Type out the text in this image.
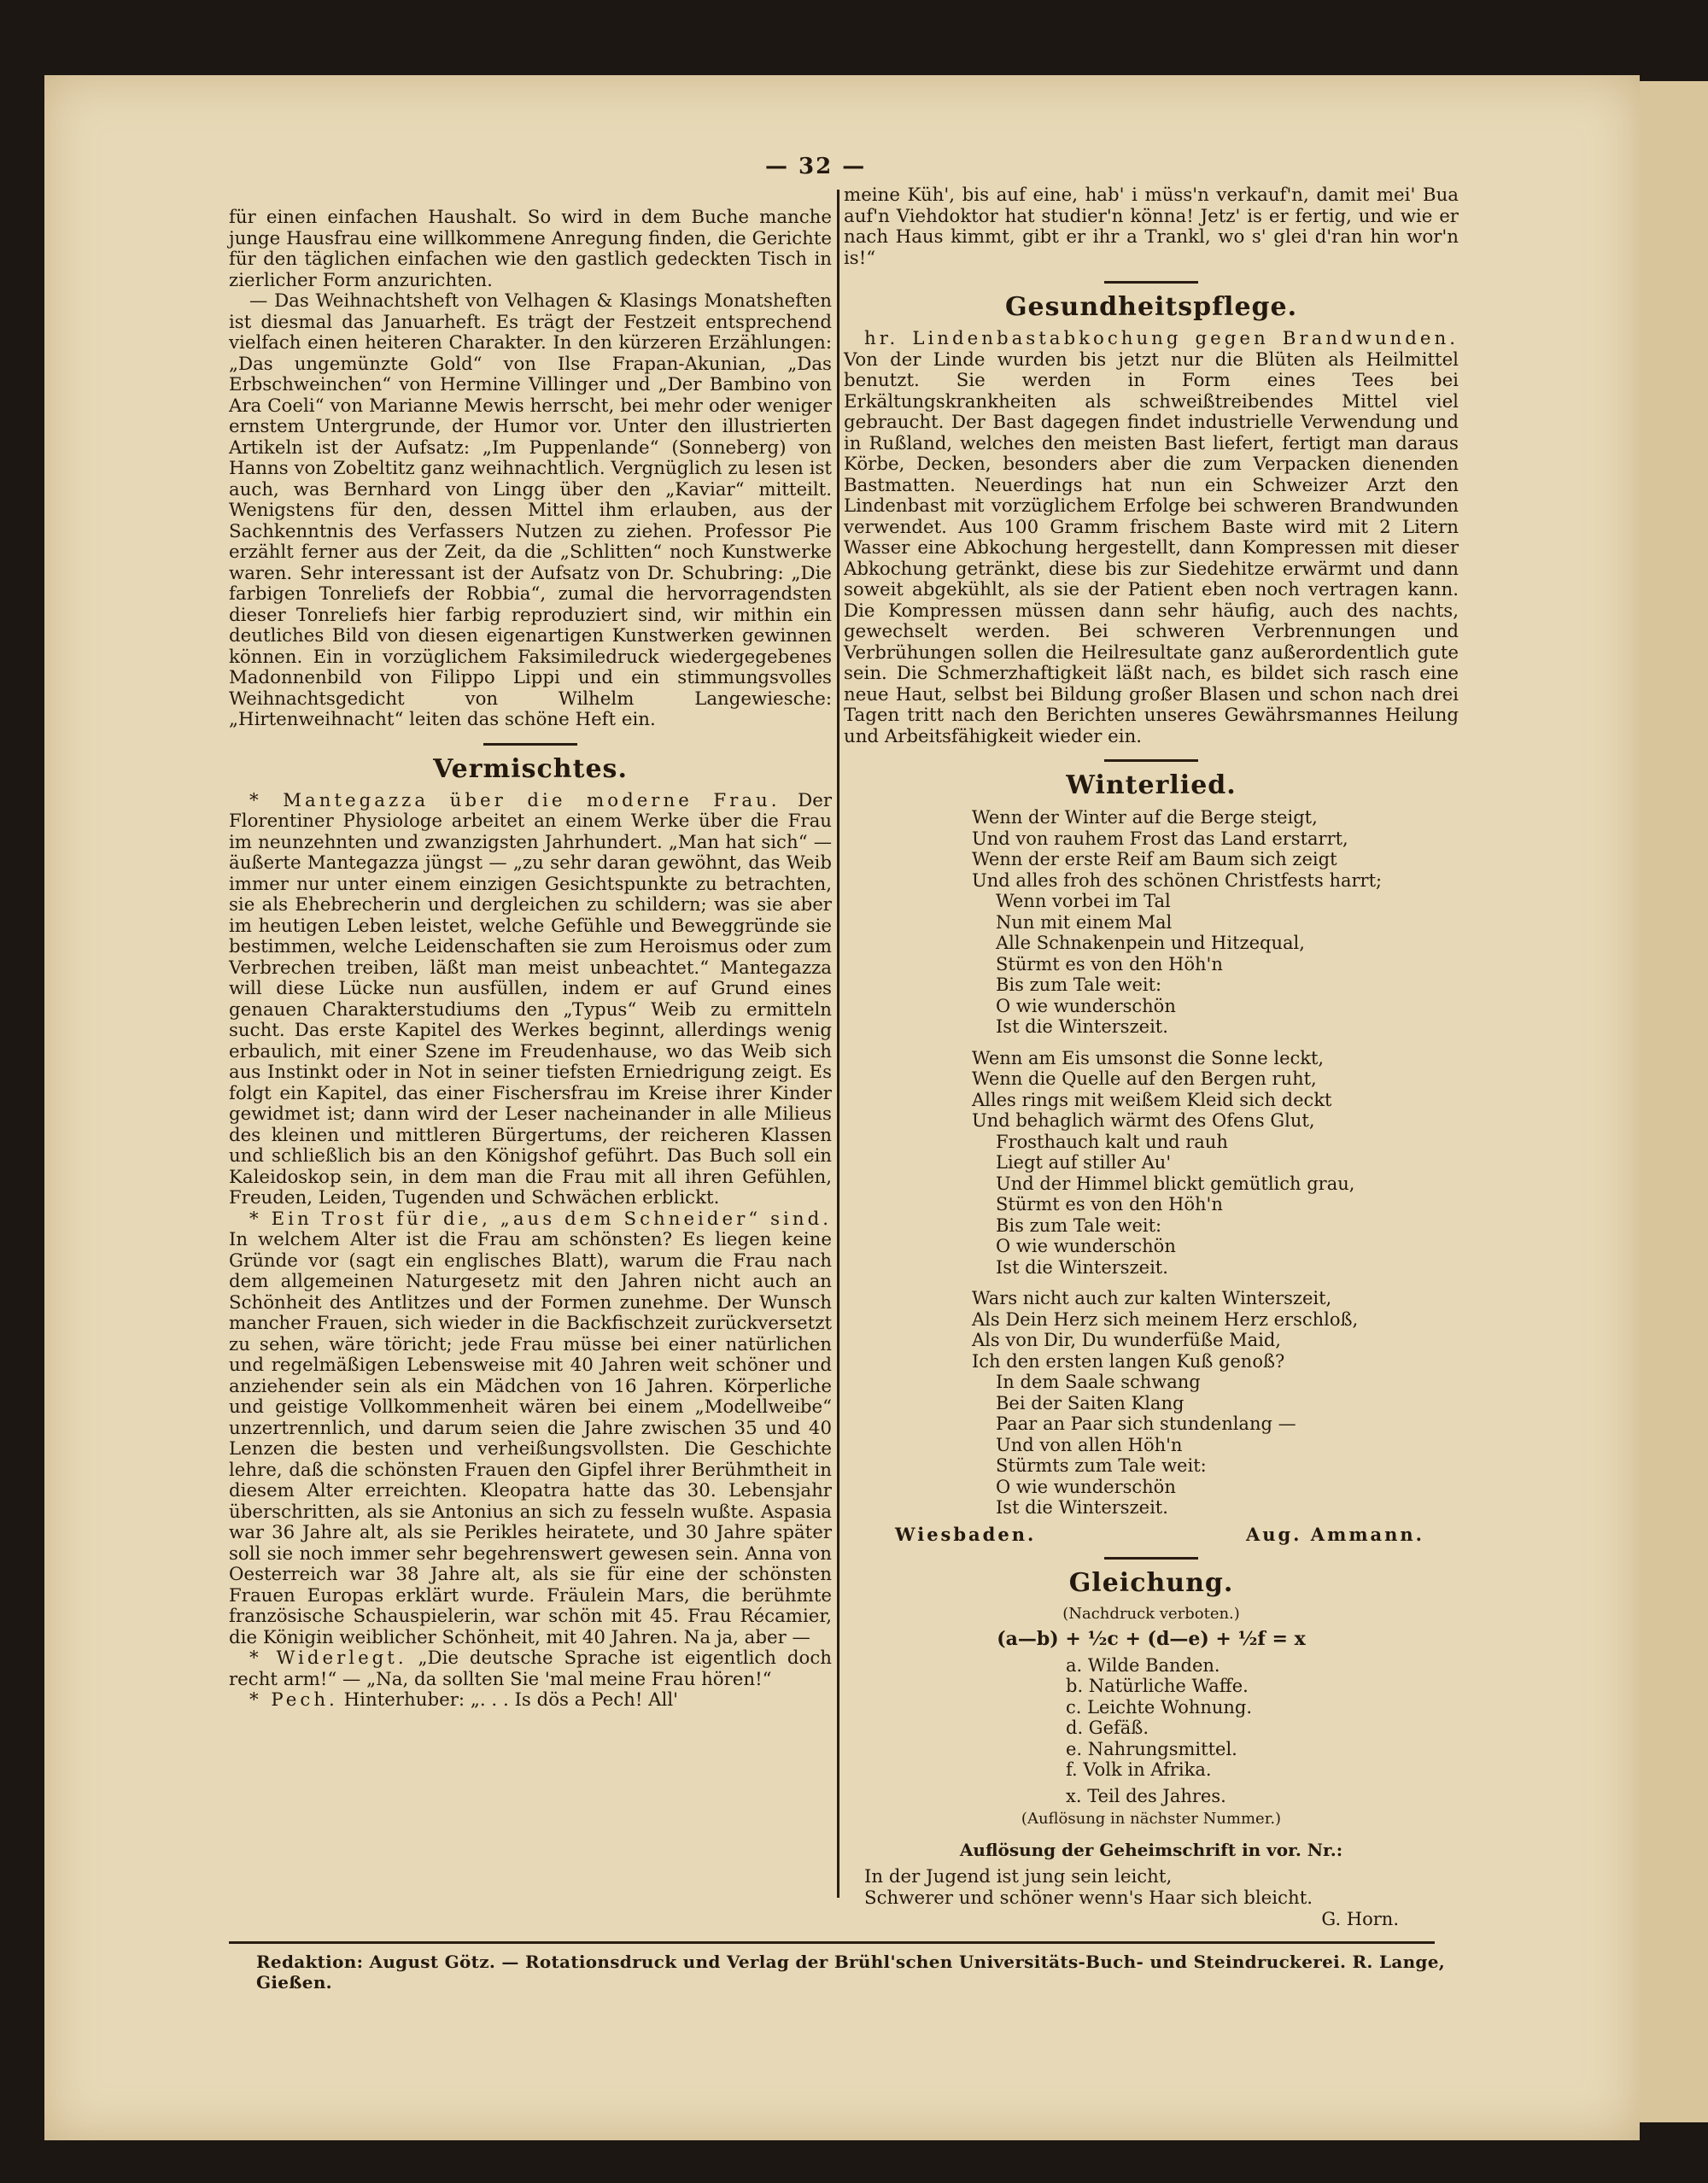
— 32 —

für einen einfachen Haushalt. So wird in dem Buche manche junge Hausfrau eine willkommene Anregung finden, die Gerichte für den täglichen einfachen wie den gastlich gedeckten Tisch in zierlicher Form anzurichten.

— Das Weihnachtsheft von Velhagen & Klasings Monatsheften ist diesmal das Januarheft. Es trägt der Festzeit entsprechend vielfach einen heiteren Charakter. In den kürzeren Erzählungen: „Das ungemünzte Gold“ von Ilse Frapan-Akunian, „Das Erbschweinchen“ von Hermine Villinger und „Der Bambino von Ara Coeli“ von Marianne Mewis herrscht, bei mehr oder weniger ernstem Untergrunde, der Humor vor. Unter den illustrierten Artikeln ist der Aufsatz: „Im Puppenlande“ (Sonneberg) von Hanns von Zobeltitz ganz weihnachtlich. Vergnüglich zu lesen ist auch, was Bernhard von Lingg über den „Kaviar“ mitteilt. Wenigstens für den, dessen Mittel ihm erlauben, aus der Sachkenntnis des Verfassers Nutzen zu ziehen. Professor Pie erzählt ferner aus der Zeit, da die „Schlitten“ noch Kunstwerke waren. Sehr interessant ist der Aufsatz von Dr. Schubring: „Die farbigen Tonreliefs der Robbia“, zumal die hervorragendsten dieser Tonreliefs hier farbig reproduziert sind, wir mithin ein deutliches Bild von diesen eigenartigen Kunstwerken gewinnen können. Ein in vorzüglichem Faksimiledruck wiedergegebenes Madonnenbild von Filippo Lippi und ein stimmungsvolles Weihnachtsgedicht von Wilhelm Langewiesche: „Hirtenweihnacht“ leiten das schöne Heft ein.

Vermischtes.

* Mantegazza über die moderne Frau. Der Florentiner Physiologe arbeitet an einem Werke über die Frau im neunzehnten und zwanzigsten Jahrhundert. „Man hat sich“ — äußerte Mantegazza jüngst — „zu sehr daran gewöhnt, das Weib immer nur unter einem einzigen Gesichtspunkte zu betrachten, sie als Ehebrecherin und dergleichen zu schildern; was sie aber im heutigen Leben leistet, welche Gefühle und Beweggründe sie bestimmen, welche Leidenschaften sie zum Heroismus oder zum Verbrechen treiben, läßt man meist unbeachtet.“ Mantegazza will diese Lücke nun ausfüllen, indem er auf Grund eines genauen Charakterstudiums den „Typus“ Weib zu ermitteln sucht. Das erste Kapitel des Werkes beginnt, allerdings wenig erbaulich, mit einer Szene im Freudenhause, wo das Weib sich aus Instinkt oder in Not in seiner tiefsten Erniedrigung zeigt. Es folgt ein Kapitel, das einer Fischersfrau im Kreise ihrer Kinder gewidmet ist; dann wird der Leser nacheinander in alle Milieus des kleinen und mittleren Bürgertums, der reicheren Klassen und schließlich bis an den Königshof geführt. Das Buch soll ein Kaleidoskop sein, in dem man die Frau mit all ihren Gefühlen, Freuden, Leiden, Tugenden und Schwächen erblickt.

* Ein Trost für die, „aus dem Schneider“ sind. In welchem Alter ist die Frau am schönsten? Es liegen keine Gründe vor (sagt ein englisches Blatt), warum die Frau nach dem allgemeinen Naturgesetz mit den Jahren nicht auch an Schönheit des Antlitzes und der Formen zunehme. Der Wunsch mancher Frauen, sich wieder in die Backfischzeit zurückversetzt zu sehen, wäre töricht; jede Frau müsse bei einer natürlichen und regelmäßigen Lebensweise mit 40 Jahren weit schöner und anziehender sein als ein Mädchen von 16 Jahren. Körperliche und geistige Vollkommenheit wären bei einem „Modellweibe“ unzertrennlich, und darum seien die Jahre zwischen 35 und 40 Lenzen die besten und verheißungsvollsten. Die Geschichte lehre, daß die schönsten Frauen den Gipfel ihrer Berühmtheit in diesem Alter erreichten. Kleopatra hatte das 30. Lebensjahr überschritten, als sie Antonius an sich zu fesseln wußte. Aspasia war 36 Jahre alt, als sie Perikles heiratete, und 30 Jahre später soll sie noch immer sehr begehrenswert gewesen sein. Anna von Oesterreich war 38 Jahre alt, als sie für eine der schönsten Frauen Europas erklärt wurde. Fräulein Mars, die berühmte französische Schauspielerin, war schön mit 45. Frau Récamier, die Königin weiblicher Schönheit, mit 40 Jahren. Na ja, aber —

* Widerlegt. „Die deutsche Sprache ist eigentlich doch recht arm!“ — „Na, da sollten Sie 'mal meine Frau hören!“

* Pech. Hinterhuber: „. . . Is dös a Pech! All'

meine Küh', bis auf eine, hab' i müss'n verkauf'n, damit mei' Bua auf'n Viehdoktor hat studier'n könna! Jetz' is er fertig, und wie er nach Haus kimmt, gibt er ihr a Trankl, wo s' glei d'ran hin wor'n is!“

Gesundheitspflege.

hr. Lindenbastabkochung gegen Brandwunden. Von der Linde wurden bis jetzt nur die Blüten als Heilmittel benutzt. Sie werden in Form eines Tees bei Erkältungskrankheiten als schweißtreibendes Mittel viel gebraucht. Der Bast dagegen findet industrielle Verwendung und in Rußland, welches den meisten Bast liefert, fertigt man daraus Körbe, Decken, besonders aber die zum Verpacken dienenden Bastmatten. Neuerdings hat nun ein Schweizer Arzt den Lindenbast mit vorzüglichem Erfolge bei schweren Brandwunden verwendet. Aus 100 Gramm frischem Baste wird mit 2 Litern Wasser eine Abkochung hergestellt, dann Kompressen mit dieser Abkochung getränkt, diese bis zur Siedehitze erwärmt und dann soweit abgekühlt, als sie der Patient eben noch vertragen kann. Die Kompressen müssen dann sehr häufig, auch des nachts, gewechselt werden. Bei schweren Verbrennungen und Verbrühungen sollen die Heilresultate ganz außerordentlich gute sein. Die Schmerzhaftigkeit läßt nach, es bildet sich rasch eine neue Haut, selbst bei Bildung großer Blasen und schon nach drei Tagen tritt nach den Berichten unseres Gewährsmannes Heilung und Arbeitsfähigkeit wieder ein.

Winterlied.
Wenn der Winter auf die Berge steigt,
Und von rauhem Frost das Land erstarrt,
Wenn der erste Reif am Baum sich zeigt
Und alles froh des schönen Christfests harrt;
Wenn vorbei im Tal
Nun mit einem Mal
Alle Schnakenpein und Hitzequal,
Stürmt es von den Höh'n
Bis zum Tale weit:
O wie wunderschön
Ist die Winterszeit.
Wenn am Eis umsonst die Sonne leckt,
Wenn die Quelle auf den Bergen ruht,
Alles rings mit weißem Kleid sich deckt
Und behaglich wärmt des Ofens Glut,
Frosthauch kalt und rauh
Liegt auf stiller Au'
Und der Himmel blickt gemütlich grau,
Stürmt es von den Höh'n
Bis zum Tale weit:
O wie wunderschön
Ist die Winterszeit.
Wars nicht auch zur kalten Winterszeit,
Als Dein Herz sich meinem Herz erschloß,
Als von Dir, Du wunderfüße Maid,
Ich den ersten langen Kuß genoß?
In dem Saale schwang
Bei der Saiten Klang
Paar an Paar sich stundenlang —
Und von allen Höh'n
Stürmts zum Tale weit:
O wie wunderschön
Ist die Winterszeit.
Wiesbaden.	Aug. Ammann.
Gleichung.
(Nachdruck verboten.)
(a—b) + ½c + (d—e) + ½f = x
a. Wilde Banden.
b. Natürliche Waffe.
c. Leichte Wohnung.
d. Gefäß.
e. Nahrungsmittel.
f. Volk in Afrika.
x. Teil des Jahres.
(Auflösung in nächster Nummer.)
Auflösung der Geheimschrift in vor. Nr.:

In der Jugend ist jung sein leicht,

Schwerer und schöner wenn's Haar sich bleicht.

G. Horn.
Redaktion: August Götz. — Rotationsdruck und Verlag der Brühl'schen Universitäts-Buch- und Steindruckerei. R. Lange, Gießen.
